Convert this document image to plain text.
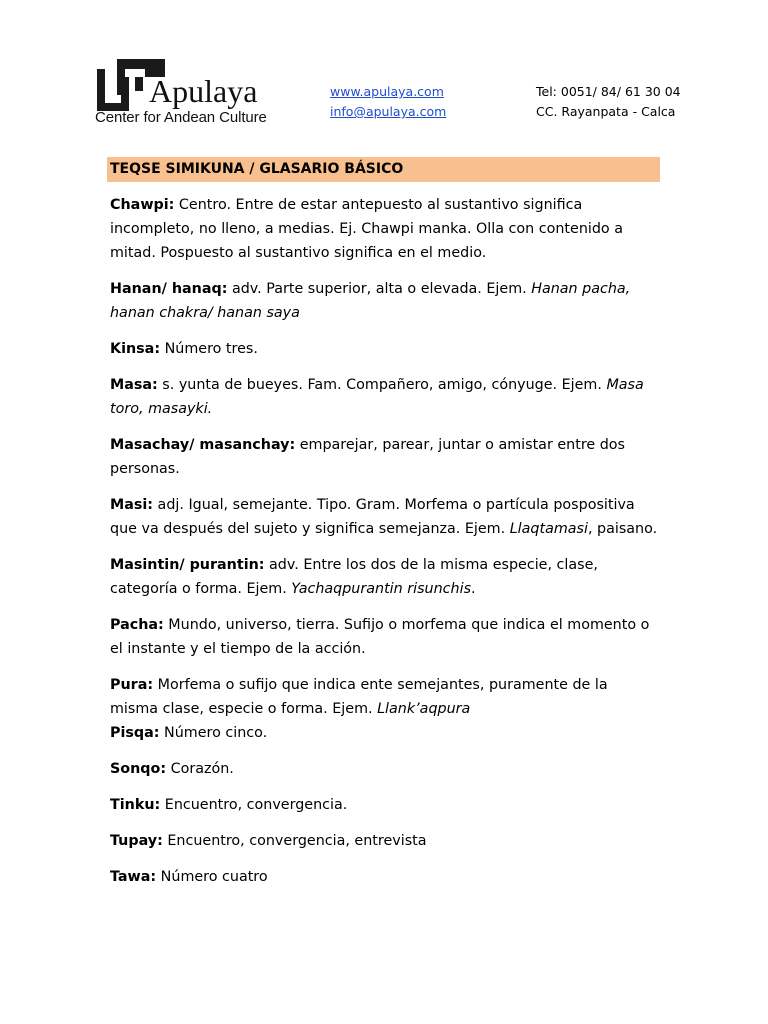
Apulaya
Center for Andean Culture
www.apulaya.com
info@apulaya.com
Tel: 0051/ 84/ 61 30 04
CC. Rayanpata - Calca
TEQSE SIMIKUNA / GLASARIO BÁSICO
Chawpi: Centro. Entre de estar antepuesto al sustantivo significa incompleto, no lleno, a medias. Ej. Chawpi manka. Olla con contenido a mitad. Pospuesto al sustantivo significa en el medio.
Hanan/ hanaq: adv. Parte superior, alta o elevada. Ejem. Hanan pacha, hanan chakra/ hanan saya
Kinsa: Número tres.
Masa: s. yunta de bueyes. Fam. Compañero, amigo, cónyuge. Ejem. Masa toro, masayki.
Masachay/ masanchay: emparejar, parear, juntar o amistar entre dos personas.
Masi: adj. Igual, semejante. Tipo. Gram. Morfema o partícula pospositiva que va después del sujeto y significa semejanza. Ejem. Llaqtamasi, paisano.
Masintin/ purantin: adv. Entre los dos de la misma especie, clase, categoría o forma. Ejem. Yachaqpurantin risunchis.
Pacha: Mundo, universo, tierra. Sufijo o morfema que indica el momento o el instante y el tiempo de la acción.
Pura: Morfema o sufijo que indica ente semejantes, puramente de la misma clase, especie o forma. Ejem. Llank’aqpura
Pisqa: Número cinco.
Sonqo: Corazón.
Tinku: Encuentro, convergencia.
Tupay: Encuentro, convergencia, entrevista
Tawa: Número cuatro
